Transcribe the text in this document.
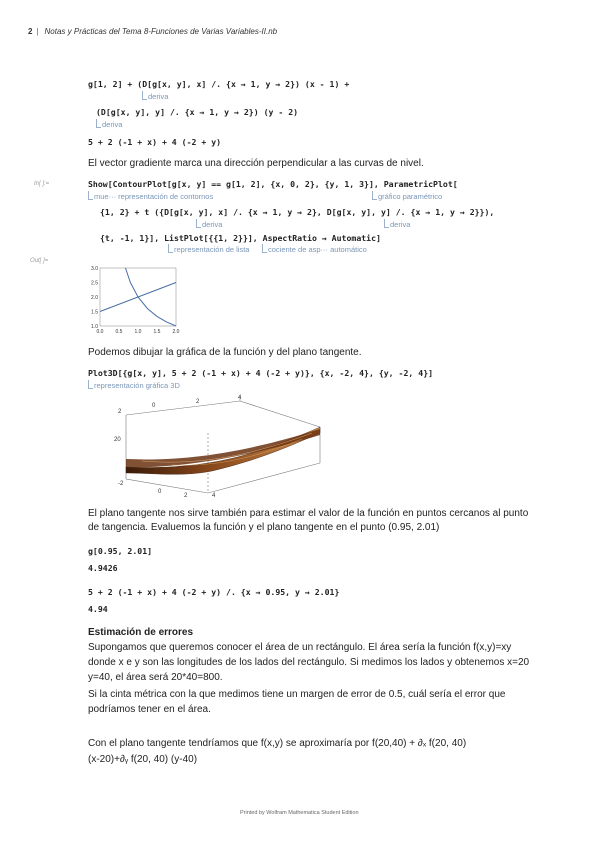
2 | Notas y Prácticas del Tema 8-Funciones de Varias Variables-II.nb
g[1, 2] + (D[g[x, y], x] /. {x → 1, y → 2}) (x - 1) +
deriva
(D[g[x, y], y] /. {x → 1, y → 2}) (y - 2)
deriva
5 + 2 (-1 + x) + 4 (-2 + y)
El vector gradiente marca una dirección perpendicular a las curvas de nivel.
In[ ]:=	Show[ContourPlot[g[x, y] == g[1, 2], {x, 0, 2}, {y, 1, 3}], ParametricPlot[
mue··· representación de contornos	gráfico paramétrico
{1, 2} + t ({D[g[x, y], x] /. {x → 1, y → 2}, D[g[x, y], y] /. {x → 1, y → 2}}),
deriva	deriva
{t, -1, 1}], ListPlot[{{1, 2}}], AspectRatio → Automatic]
representación de lista	cociente de asp··· automático
Out[ ]=
1.0
1.5
2.0
2.5
3.0
0.0 0.5 1.0 1.5 2.0
Podemos dibujar la gráfica de la función y del plano tangente.
Plot3D[{g[x, y], 5 + 2 (-1 + x) + 4 (-2 + y)}, {x, -2, 4}, {y, -2, 4}]
representación gráfica 3D
2
0
2
4
20
-2
0
2	4
El plano tangente nos sirve también para estimar el valor de la función en puntos cercanos al punto
de tangencia. Evaluemos la función y el plano tangente en el punto (0.95, 2.01)
g[0.95, 2.01]
4.9426
5 + 2 (-1 + x) + 4 (-2 + y) /. {x → 0.95, y → 2.01}
4.94
Estimación de errores
Supongamos que queremos conocer el área de un rectángulo. El área sería la función f(x,y)=xy
donde x e y son las longitudes de los lados del rectángulo. Si medimos los lados y obtenemos x=20
y=40, el área será 20*40=800.
Si la cinta métrica con la que medimos tiene un margen de error de 0.5, cuál sería el error que
podríamos tener en el área.
Con el plano tangente tendríamos que f(x,y) se aproximaría por f(20,40) + ∂ₓ f(20, 40)
(x-20)+∂ᵧ f(20, 40) (y-40)
Printed by Wolfram Mathematica Student Edition
